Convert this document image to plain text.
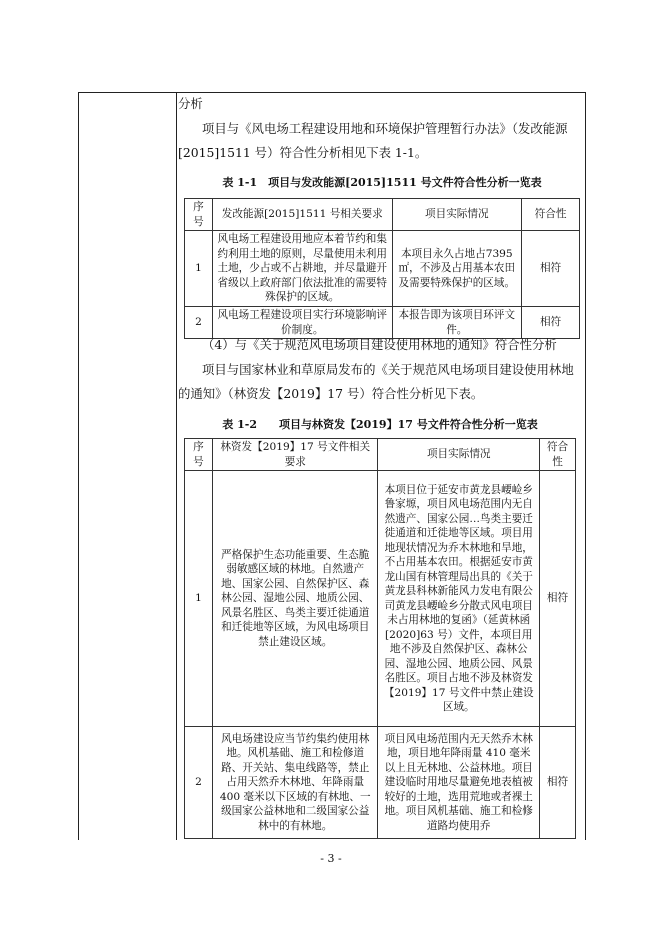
分析

项目与《风电场工程建设用地和环境保护管理暂行办法》（发改能源[2015]1511 号）符合性分析相见下表 1-1。

表 1-1　项目与发改能源[2015]1511 号文件符合性分析一览表

序号	发改能源[2015]1511 号相关要求	项目实际情况	符合性
1	风电场工程建设用地应本着节约和集约利用土地的原则，尽量使用未利用土地，少占或不占耕地，并尽量避开省级以上政府部门依法批准的需要特殊保护的区域。	本项目永久占地占7395㎡，不涉及占用基本农田及需要特殊保护的区域。	相符
2	风电场工程建设项目实行环境影响评价制度。	本报告即为该项目环评文件。	相符

（4）与《关于规范风电场项目建设使用林地的通知》符合性分析

项目与国家林业和草原局发布的《关于规范风电场项目建设使用林地的通知》（林资发【2019】17 号）符合性分析见下表。

表 1-2　　项目与林资发【2019】17 号文件符合性分析一览表

序号	林资发【2019】17 号文件相关要求	项目实际情况	符合性
1	严格保护生态功能重要、生态脆弱敏感区域的林地。自然遗产地、国家公园、自然保护区、森林公园、湿地公园、地质公园、风景名胜区、鸟类主要迁徙通道和迁徙地等区域，为风电场项目禁止建设区域。	本项目位于延安市黄龙县崾崄乡鲁家塬，项目风电场范围内无自然遗产、国家公园…鸟类主要迁徙通道和迁徙地等区域。项目用地现状情况为乔木林地和旱地，不占用基本农田。根据延安市黄龙山国有林管理局出具的《关于黄龙县科林新能风力发电有限公司黄龙县崾崄乡分散式风电项目未占用林地的复函》（延黄林函[2020]63 号）文件，本项目用地不涉及自然保护区、森林公园、湿地公园、地质公园、风景名胜区。项目占地不涉及林资发【2019】17 号文件中禁止建设区域。	相符
2	风电场建设应当节约集约使用林地。风机基础、施工和检修道路、开关站、集电线路等，禁止占用天然乔木林地、年降雨量 400 毫米以下区域的有林地、一级国家公益林地和二级国家公益林中的有林地。	项目风电场范围内无天然乔木林地，项目地年降雨量 410 毫米以上且无林地、公益林地。项目建设临时用地尽量避免地表植被较好的土地，选用荒地或者裸土地。项目风机基础、施工和检修道路均使用乔	相符
- 3 -
